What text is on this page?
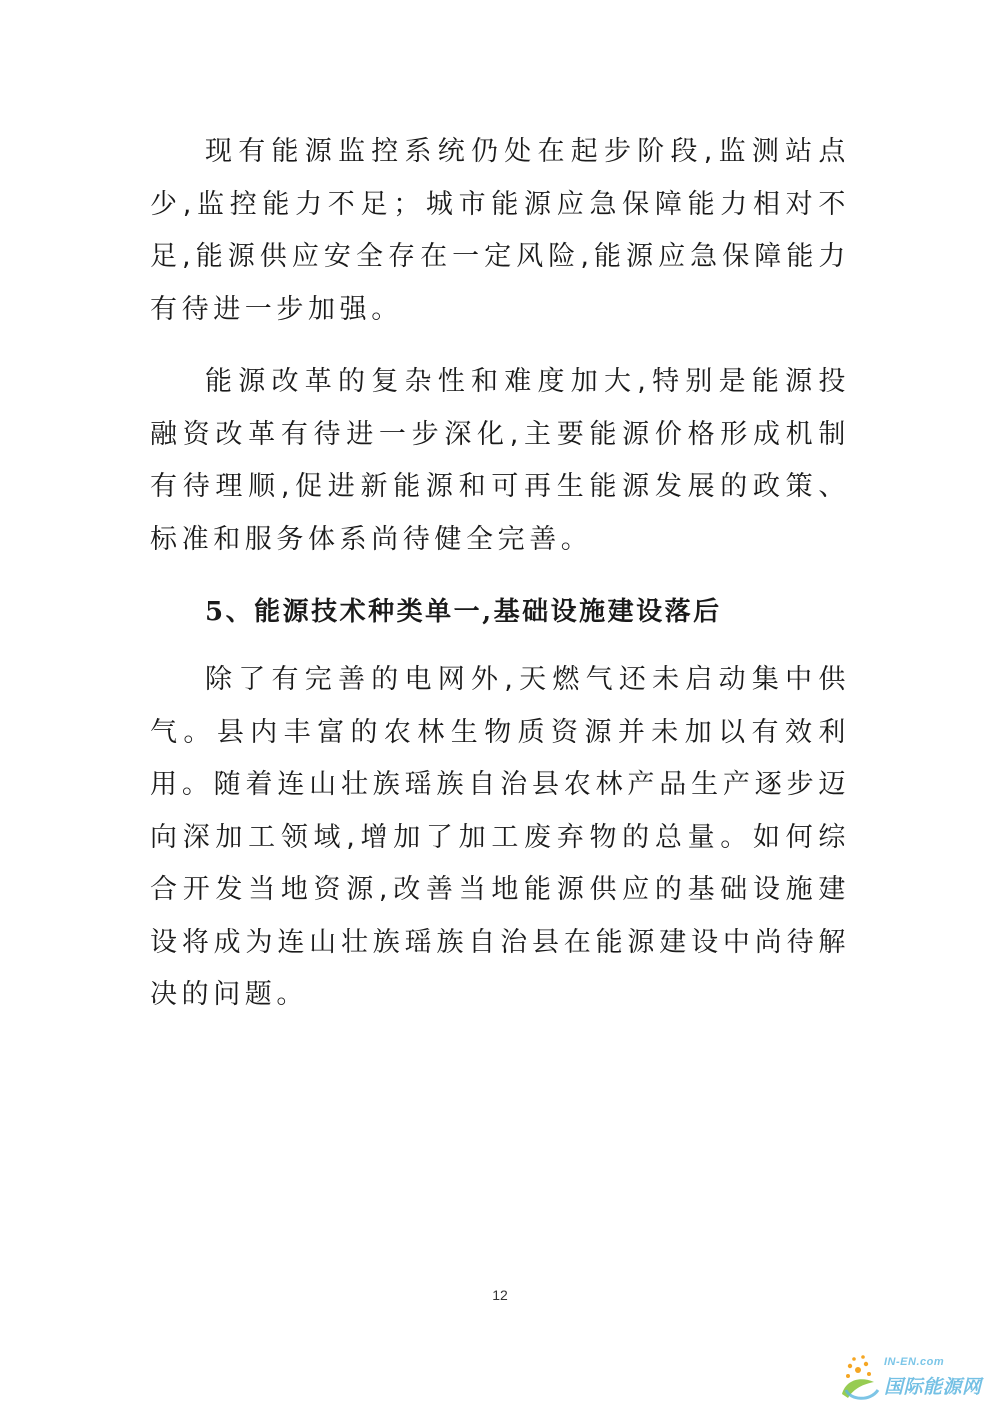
现有能源监控系统仍处在起步阶段,监测站点少,监控能力不足；城市能源应急保障能力相对不足,能源供应安全存在一定风险,能源应急保障能力有待进一步加强。

能源改革的复杂性和难度加大,特别是能源投融资改革有待进一步深化,主要能源价格形成机制有待理顺,促进新能源和可再生能源发展的政策、标准和服务体系尚待健全完善。

5、能源技术种类单一,基础设施建设落后

除了有完善的电网外,天燃气还未启动集中供气。县内丰富的农林生物质资源并未加以有效利用。随着连山壮族瑶族自治县农林产品生产逐步迈向深加工领域,增加了加工废弃物的总量。如何综合开发当地资源,改善当地能源供应的基础设施建设将成为连山壮族瑶族自治县在能源建设中尚待解决的问题。

12
IN-EN.com
国际能源网
